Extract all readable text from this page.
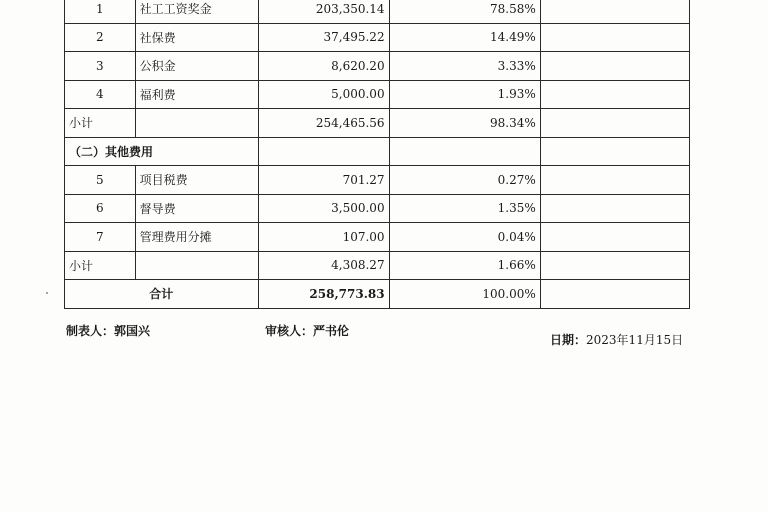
1	社工工资奖金	203,350.14	78.58%	
2	社保费	37,495.22	14.49%	
3	公积金	8,620.20	3.33%	
4	福利费	5,000.00	1.93%	
小计		254,465.56	98.34%	
（二）其他费用				
5	项目税费	701.27	0.27%	
6	督导费	3,500.00	1.35%	
7	管理费用分摊	107.00	0.04%	
小计		4,308.27	1.66%	
合计		258,773.83	100.00%	
制表人：郭国兴	审核人：严书伦
日期：2023年11月15日
